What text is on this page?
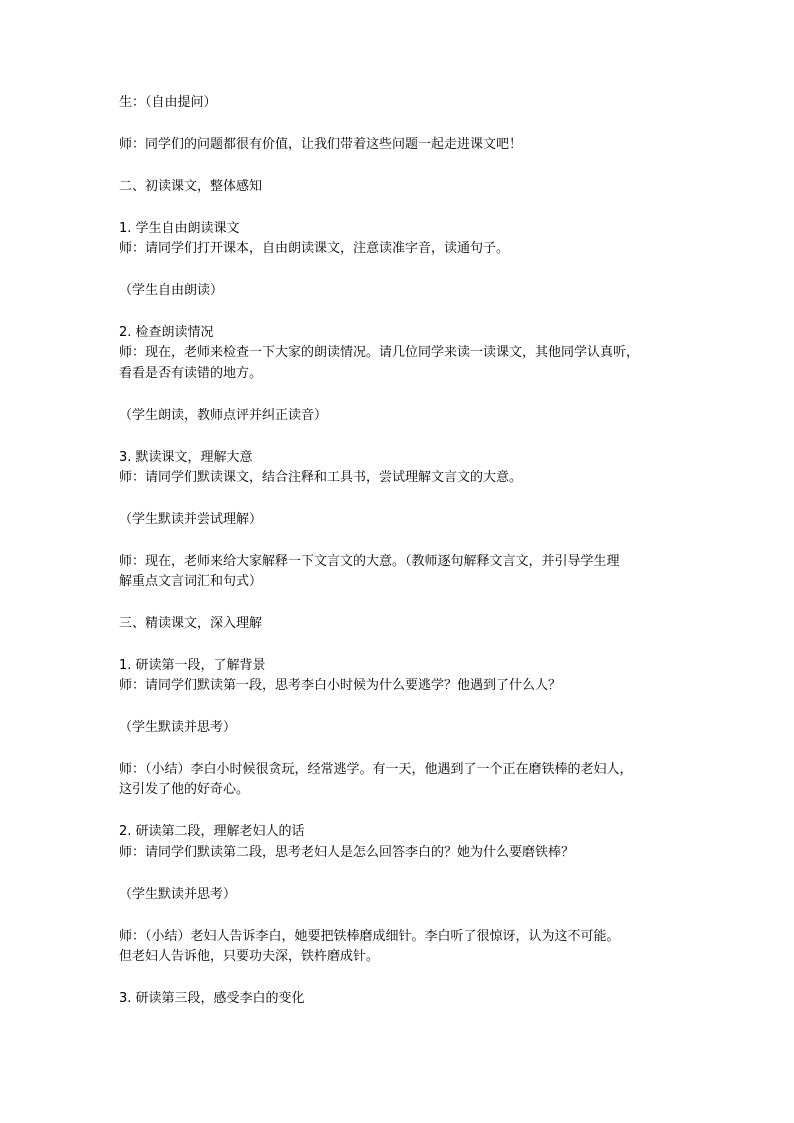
生：（自由提问）
师：同学们的问题都很有价值，让我们带着这些问题一起走进课文吧！
二、初读课文，整体感知
1. 学生自由朗读课文
师：请同学们打开课本，自由朗读课文，注意读准字音，读通句子。
（学生自由朗读）
2. 检查朗读情况
师：现在，老师来检查一下大家的朗读情况。请几位同学来读一读课文，其他同学认真听，
看看是否有读错的地方。
（学生朗读，教师点评并纠正读音）
3. 默读课文，理解大意
师：请同学们默读课文，结合注释和工具书，尝试理解文言文的大意。
（学生默读并尝试理解）
师：现在，老师来给大家解释一下文言文的大意。（教师逐句解释文言文，并引导学生理
解重点文言词汇和句式）
三、精读课文，深入理解
1. 研读第一段，了解背景
师：请同学们默读第一段，思考李白小时候为什么要逃学？他遇到了什么人？
（学生默读并思考）
师：（小结）李白小时候很贪玩，经常逃学。有一天，他遇到了一个正在磨铁棒的老妇人，
这引发了他的好奇心。
2. 研读第二段，理解老妇人的话
师：请同学们默读第二段，思考老妇人是怎么回答李白的？她为什么要磨铁棒？
（学生默读并思考）
师：（小结）老妇人告诉李白，她要把铁棒磨成细针。李白听了很惊讶，认为这不可能。
但老妇人告诉他，只要功夫深，铁杵磨成针。
3. 研读第三段，感受李白的变化
